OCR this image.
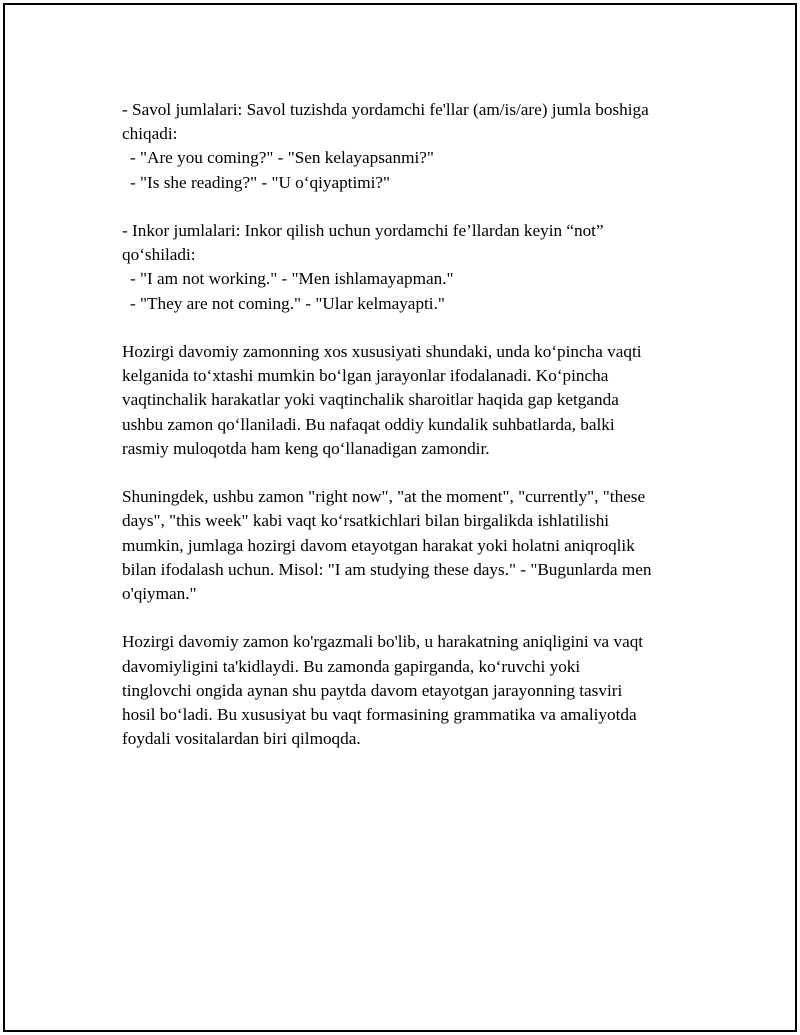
- Savol jumlalari: Savol tuzishda yordamchi fe'llar (am/is/are) jumla boshiga
chiqadi:
- "Are you coming?" - "Sen kelayapsanmi?"
- "Is she reading?" - "U o‘qiyaptimi?"
- Inkor jumlalari: Inkor qilish uchun yordamchi fe’llardan keyin “not”
qo‘shiladi:
- "I am not working." - "Men ishlamayapman."
- "They are not coming." - "Ular kelmayapti."
Hozirgi davomiy zamonning xos xususiyati shundaki, unda ko‘pincha vaqti
kelganida to‘xtashi mumkin bo‘lgan jarayonlar ifodalanadi. Ko‘pincha
vaqtinchalik harakatlar yoki vaqtinchalik sharoitlar haqida gap ketganda
ushbu zamon qo‘llaniladi. Bu nafaqat oddiy kundalik suhbatlarda, balki
rasmiy muloqotda ham keng qo‘llanadigan zamondir.
Shuningdek, ushbu zamon "right now", "at the moment", "currently", "these
days", "this week" kabi vaqt ko‘rsatkichlari bilan birgalikda ishlatilishi
mumkin, jumlaga hozirgi davom etayotgan harakat yoki holatni aniqroqlik
bilan ifodalash uchun. Misol: "I am studying these days." - "Bugunlarda men
o'qiyman."
Hozirgi davomiy zamon ko'rgazmali bo'lib, u harakatning aniqligini va vaqt
davomiyligini ta'kidlaydi. Bu zamonda gapirganda, ko‘ruvchi yoki
tinglovchi ongida aynan shu paytda davom etayotgan jarayonning tasviri
hosil bo‘ladi. Bu xususiyat bu vaqt formasining grammatika va amaliyotda
foydali vositalardan biri qilmoqda.
